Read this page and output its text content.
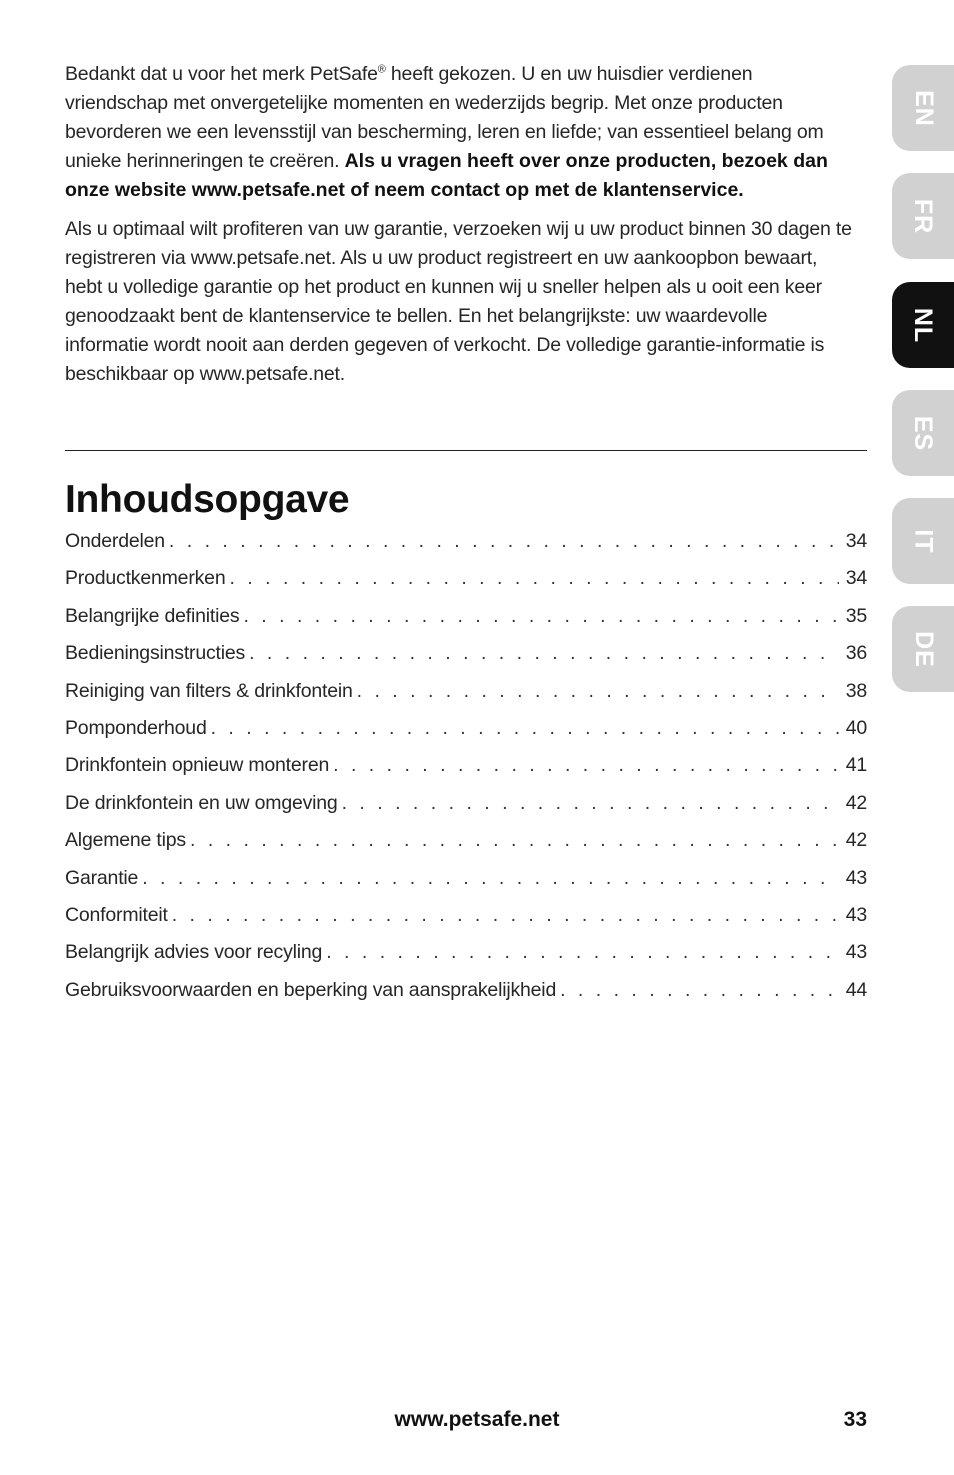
Bedankt dat u voor het merk PetSafe® heeft gekozen. U en uw huisdier verdienen vriendschap met onvergetelijke momenten en wederzijds begrip. Met onze producten bevorderen we een levensstijl van bescherming, leren en liefde; van essentieel belang om unieke herinneringen te creëren. Als u vragen heeft over onze producten, bezoek dan onze website www.petsafe.net of neem contact op met de klantenservice.

Als u optimaal wilt profiteren van uw garantie, verzoeken wij u uw product binnen 30 dagen te registreren via www.petsafe.net. Als u uw product registreert en uw aankoopbon bewaart, hebt u volledige garantie op het product en kunnen wij u sneller helpen als u ooit een keer genoodzaakt bent de klantenservice te bellen. En het belangrijkste: uw waardevolle informatie wordt nooit aan derden gegeven of verkocht. De volledige garantie-informatie is beschikbaar op www.petsafe.net.

Inhoudsopgave
Onderdelen . . .	34
Productkenmerken . . .	34
Belangrijke definities . . .	35
Bedieningsinstructies . . .	36
Reiniging van filters & drinkfontein . . .	38
Pomponderhoud . . .	40
Drinkfontein opnieuw monteren . . .	41
De drinkfontein en uw omgeving . . .	42
Algemene tips . . .	42
Garantie . . .	43
Conformiteit . . .	43
Belangrijk advies voor recyling . . .	43
Gebruiksvoorwaarden en beperking van aansprakelijkheid . . .	44
EN
FR
NL
ES
IT
DE
www.petsafe.net	33
